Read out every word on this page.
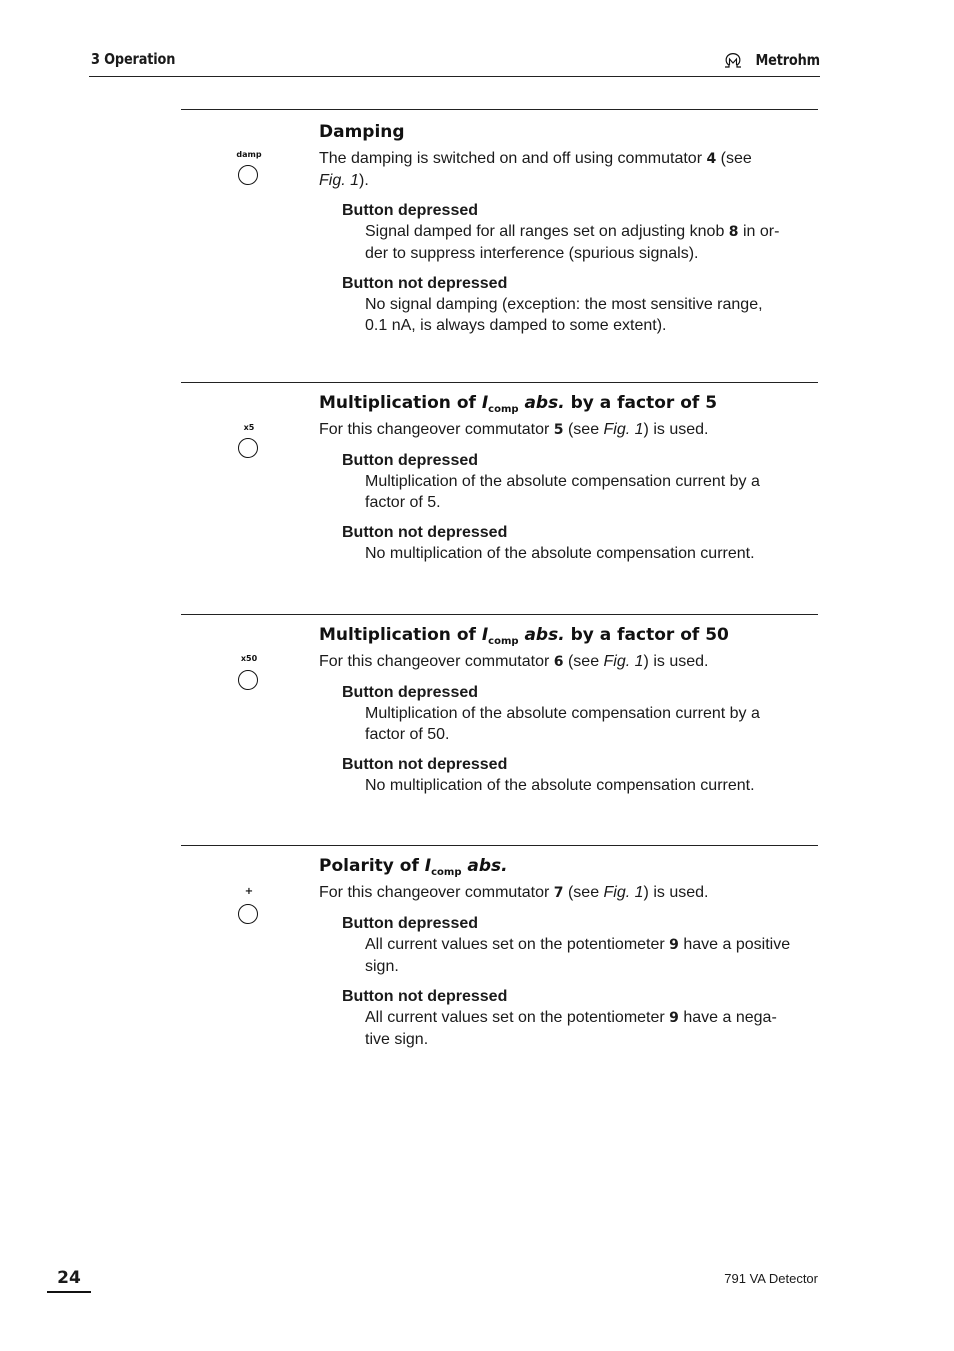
3 Operation	Metrohm
damp

Damping

The damping is switched on and off using commutator 4 (see
Fig. 1).
Button depressed
Signal damped for all ranges set on adjusting knob 8 in or-
der to suppress interference (spurious signals).
Button not depressed
No signal damping (exception: the most sensitive range,
0.1 nA, is always damped to some extent).
x5

Multiplication of $I_{comp}$ abs. by a factor of 5

For this changeover commutator 5 (see Fig. 1) is used.
Button depressed
Multiplication of the absolute compensation current by a
factor of 5.
Button not depressed
No multiplication of the absolute compensation current.
x50

Multiplication of $I_{comp}$ abs. by a factor of 50

For this changeover commutator 6 (see Fig. 1) is used.
Button depressed
Multiplication of the absolute compensation current by a
factor of 50.
Button not depressed
No multiplication of the absolute compensation current.
+

Polarity of $I_{comp}$ abs.

For this changeover commutator 7 (see Fig. 1) is used.
Button depressed
All current values set on the potentiometer 9 have a positive
sign.
Button not depressed
All current values set on the potentiometer 9 have a nega-
tive sign.
24	791 VA Detector
